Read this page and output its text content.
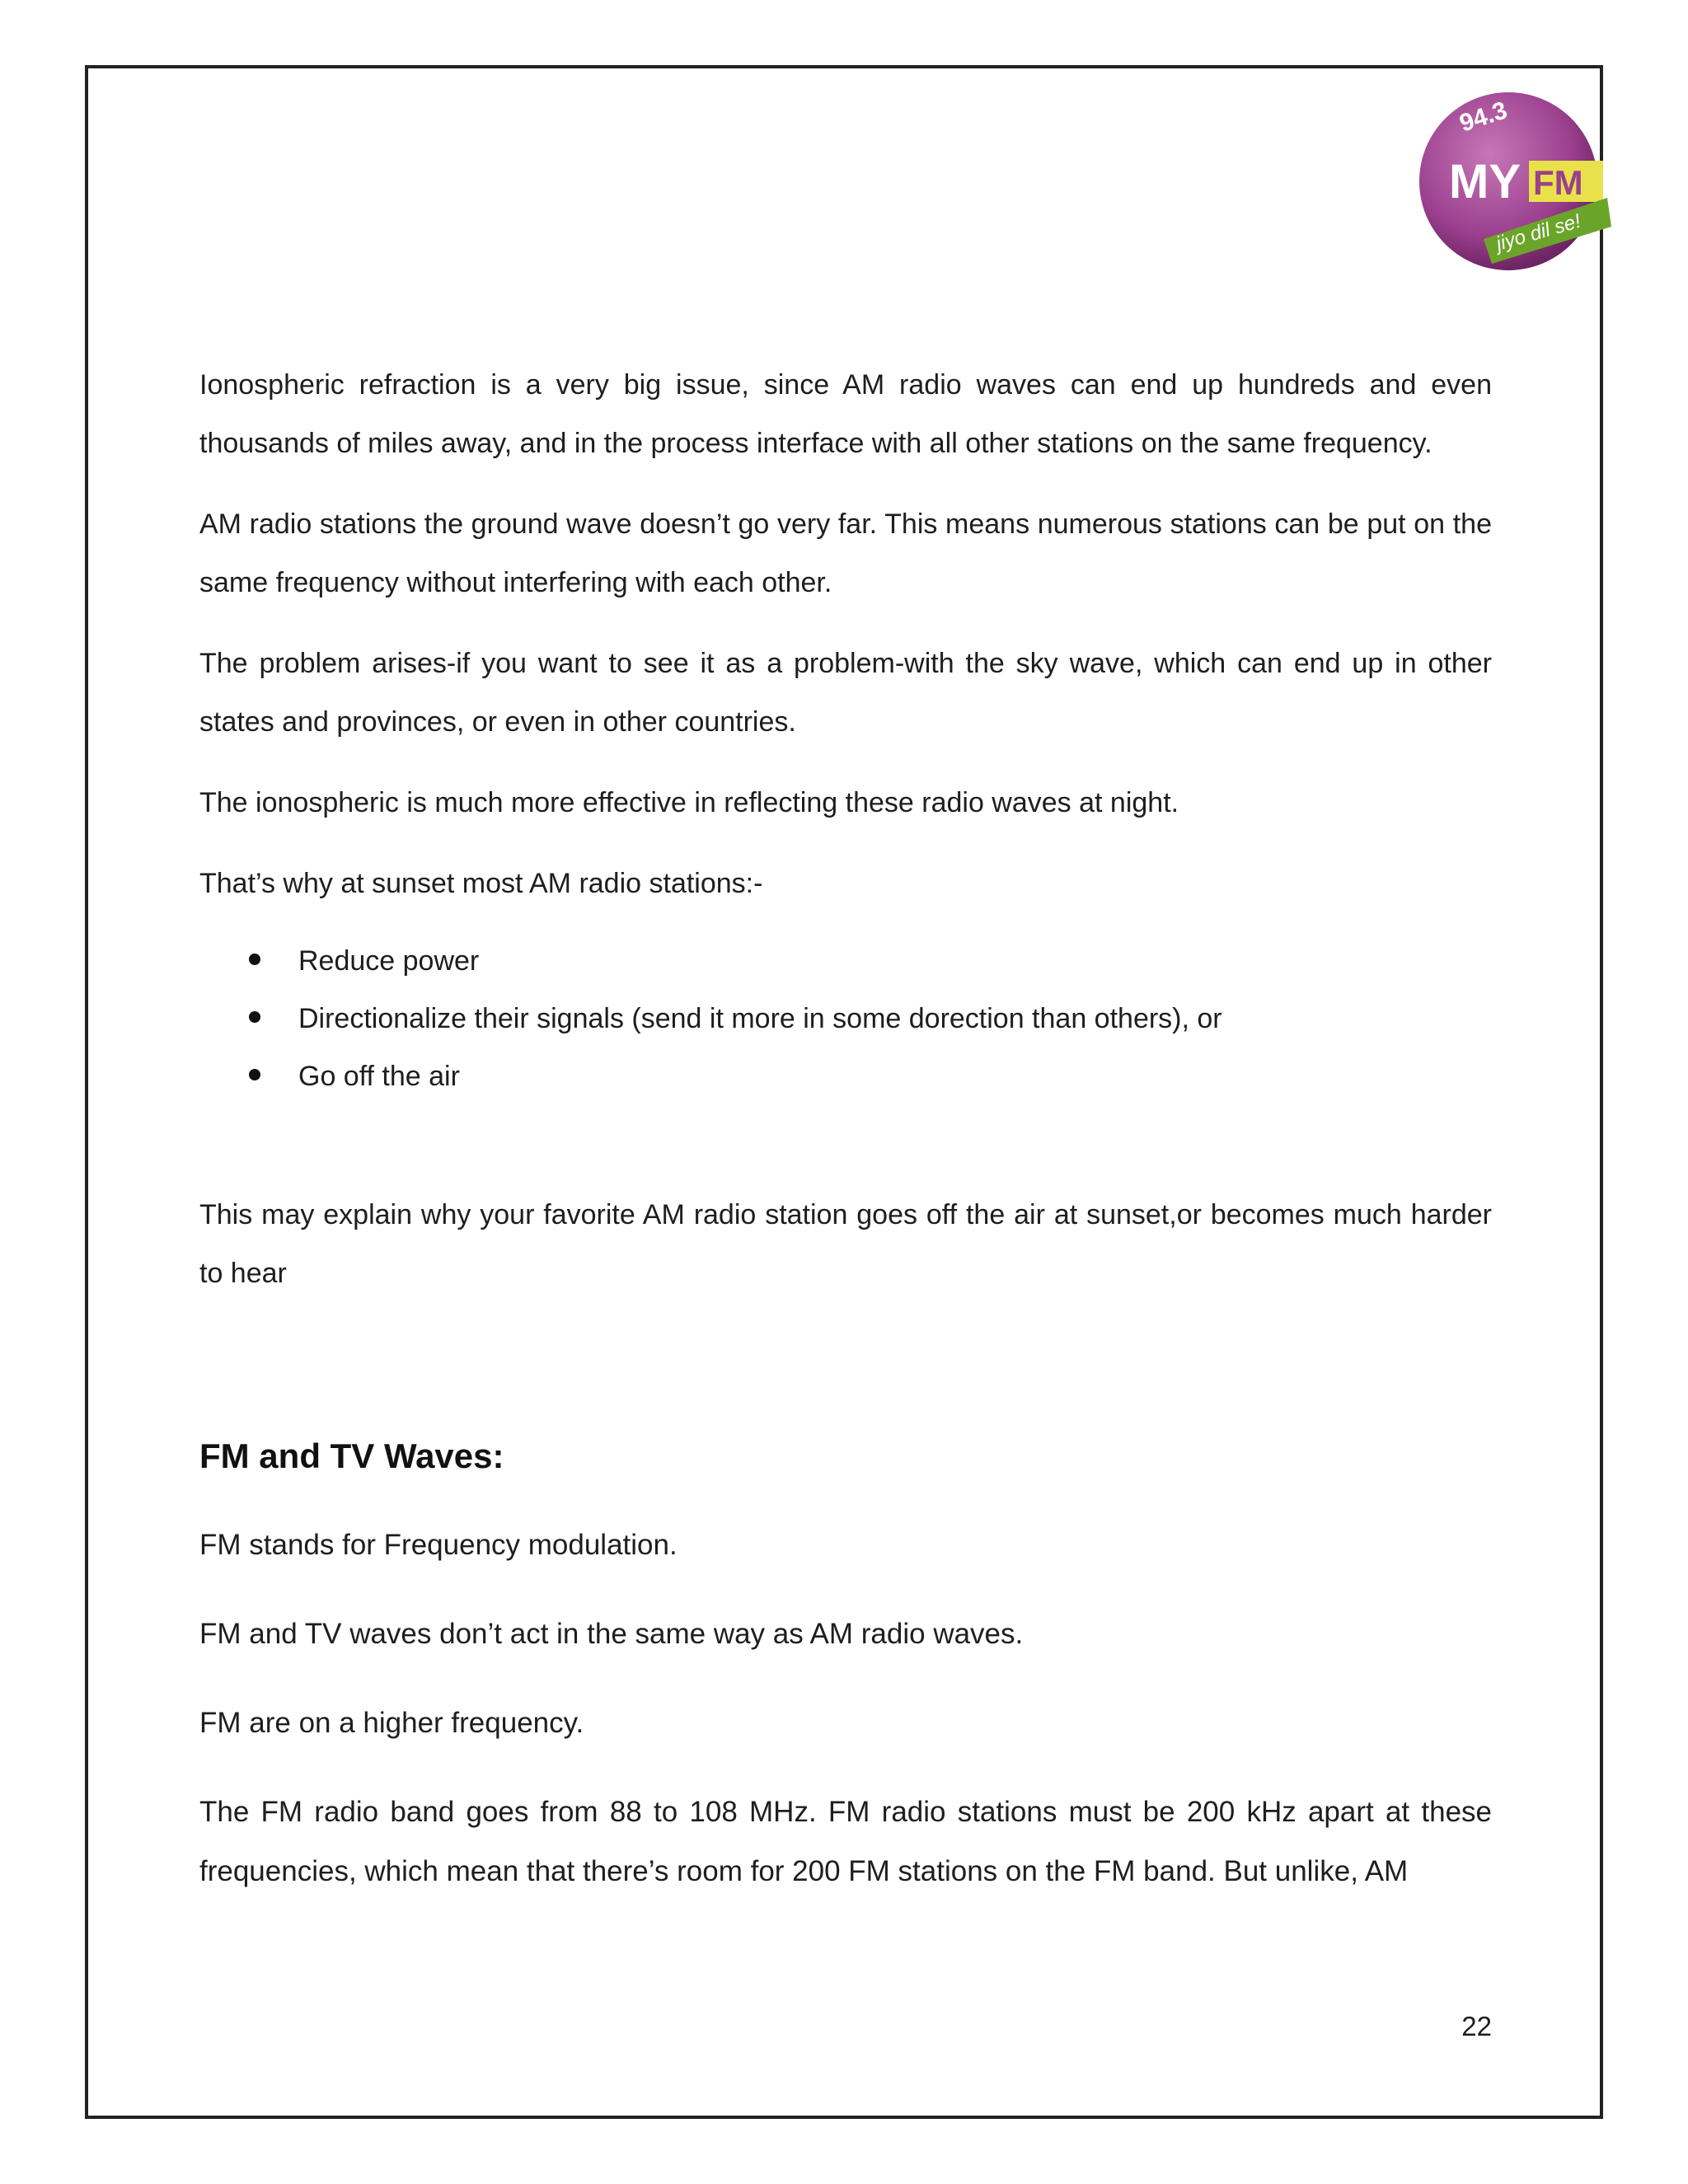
94.3
MY FM
jiyo dil se!

Ionospheric refraction is a very big issue, since AM radio waves can end up hundreds and even thousands of miles away, and in the process interface with all other stations on the same frequency.

AM radio stations the ground wave doesn’t go very far. This means numerous stations can be put on the same frequency without interfering with each other.

The problem arises-if you want to see it as a problem-with the sky wave, which can end up in other states and provinces, or even in other countries.

The ionospheric is much more effective in reflecting these radio waves at night.

That’s why at sunset most AM radio stations:-

Reduce power
Directionalize their signals (send it more in some dorection than others), or
Go off the air

This may explain why your favorite AM radio station goes off the air at sunset,or becomes much harder to hear

FM and TV Waves:

FM stands for Frequency modulation.

FM and TV waves don’t act in the same way as AM radio waves.

FM are on a higher frequency.

The FM radio band goes from 88 to 108 MHz. FM radio stations must be 200 kHz apart at these frequencies, which mean that there’s room for 200 FM stations on the FM band. But unlike, AM

22
